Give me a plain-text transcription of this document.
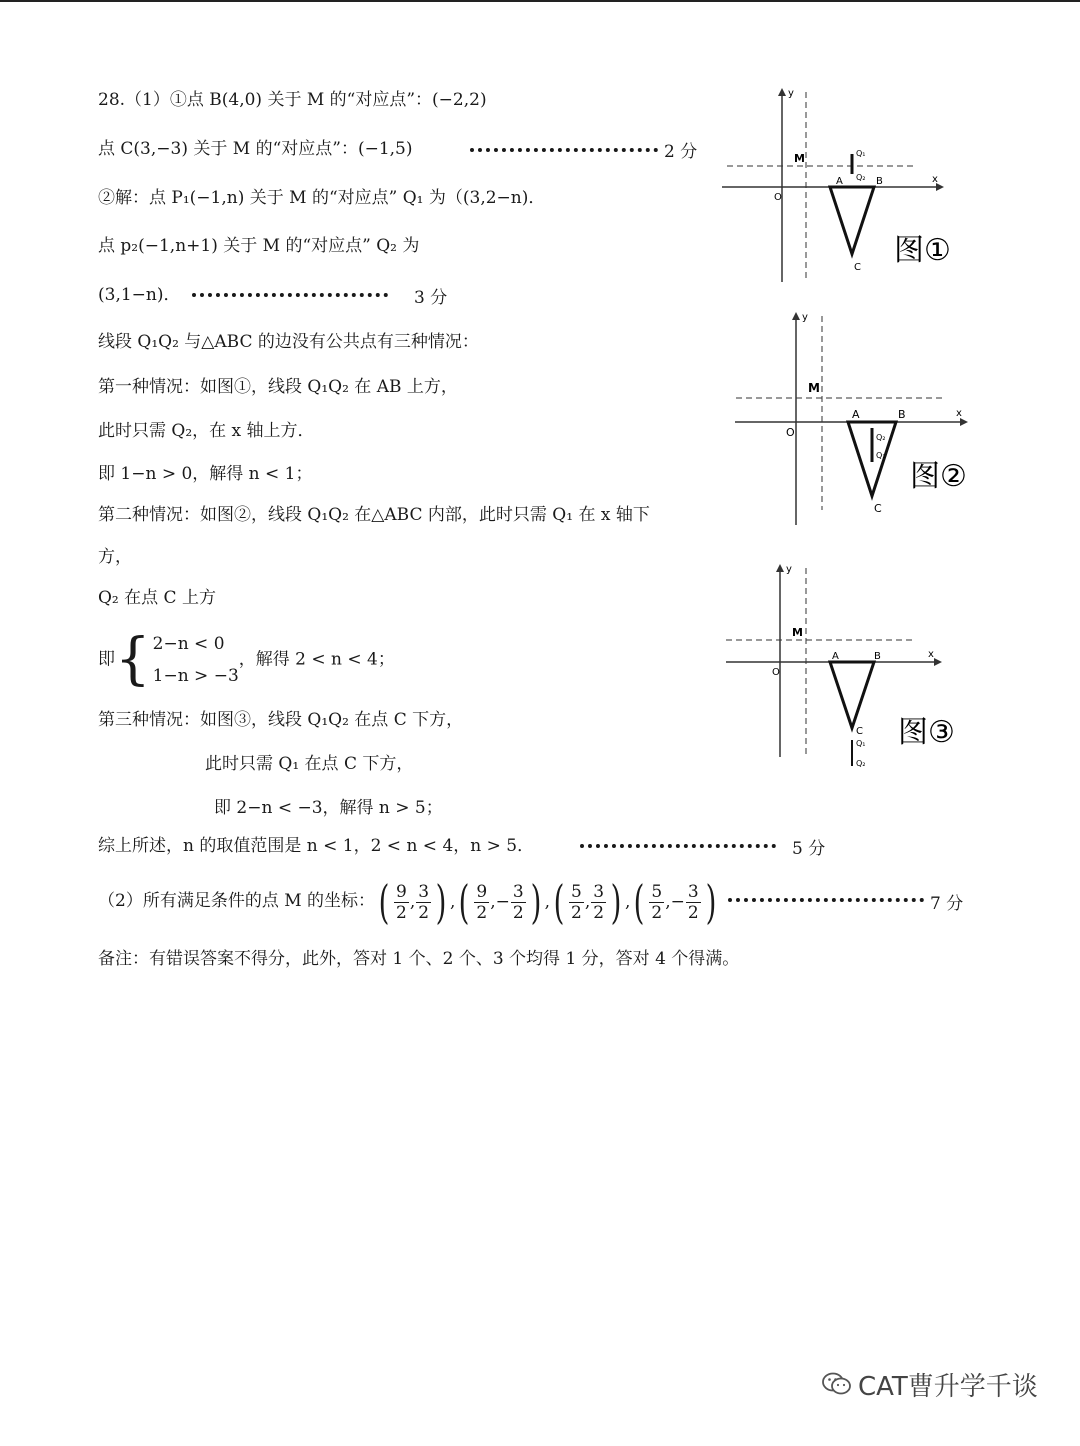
28.（1）①点 B(4,0) 关于 M 的“对应点”：(−2,2)
点 C(3,−3) 关于 M 的“对应点”：(−1,5)	2 分
②解：点 P₁(−1,n) 关于 M 的“对应点” Q₁ 为（(3,2−n)．
点 p₂(−1,n+1) 关于 M 的“对应点” Q₂ 为
(3,1−n)．	3 分
线段 Q₁Q₂ 与△ABC 的边没有公共点有三种情况：
第一种情况：如图①，线段 Q₁Q₂ 在 AB 上方，
此时只需 Q₂，在 x 轴上方．
即 1−n > 0，解得 n < 1；
第二种情况：如图②，线段 Q₁Q₂ 在△ABC 内部，此时只需 Q₁ 在 x 轴下
方，
Q₂ 在点 C 上方
即{ 2−n < 0
1−n > −3
，解得 2 < n < 4；
第三种情况：如图③，线段 Q₁Q₂ 在点 C 下方，
此时只需 Q₁ 在点 C 下方，
即 2−n < −3，解得 n > 5；
综上所述，n 的取值范围是 n < 1，2 < n < 4，n > 5．	5 分
（2）所有满足条件的点 M 的坐标：( $\frac{9}{2}$ , $\frac{3}{2}$ ) ,( $\frac{9}{2}$ ,− $\frac{3}{2}$ ) ,( $\frac{5}{2}$ , $\frac{3}{2}$ ) ,( $\frac{5}{2}$ ,− $\frac{3}{2}$ )	7 分
备注：有错误答案不得分，此外，答对 1 个、2 个、3 个均得 1 分，答对 4 个得满。
M
A	B
C
O
x
y
Q₁
Q₂
图①
M
A	B
C
O
x
y
Q₂
Q₁
图②
M
A	B
C
O
x
y
Q₁
Q₂
图③
CAT曹升学千谈
